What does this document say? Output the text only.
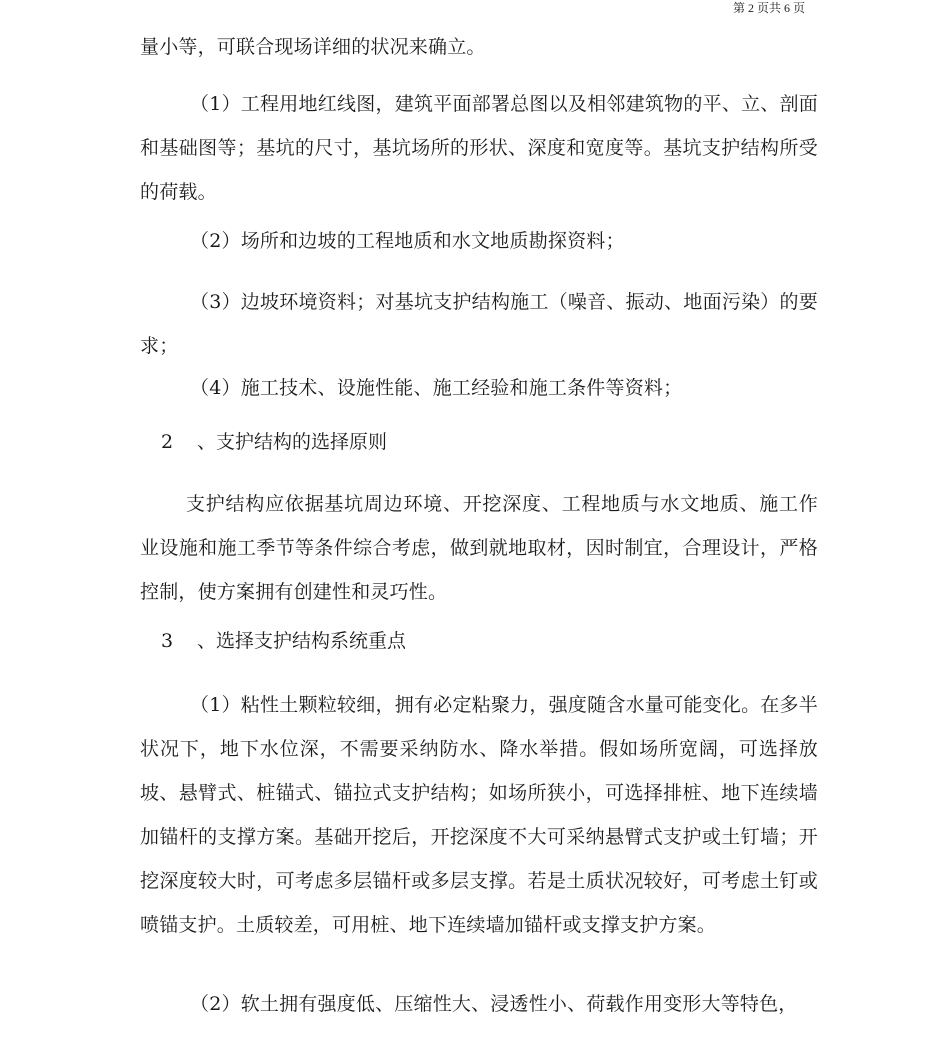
第 2 页共 6 页

量小等，可联合现场详细的状况来确立。

（1）工程用地红线图，建筑平面部署总图以及相邻建筑物的平、立、剖面和基础图等；基坑的尺寸，基坑场所的形状、深度和宽度等。基坑支护结构所受的荷载。

（2）场所和边坡的工程地质和水文地质勘探资料；

（3）边坡环境资料；对基坑支护结构施工（噪音、振动、地面污染）的要求；

（4）施工技术、设施性能、施工经验和施工条件等资料；

2 、支护结构的选择原则

支护结构应依据基坑周边环境、开挖深度、工程地质与水文地质、施工作业设施和施工季节等条件综合考虑，做到就地取材，因时制宜，合理设计，严格控制，使方案拥有创建性和灵巧性。

3 、选择支护结构系统重点

（1）粘性土颗粒较细，拥有必定粘聚力，强度随含水量可能变化。在多半状况下，地下水位深，不需要采纳防水、降水举措。假如场所宽阔，可选择放坡、悬臂式、桩锚式、锚拉式支护结构；如场所狭小，可选择排桩、地下连续墙加锚杆的支撑方案。基础开挖后，开挖深度不大可采纳悬臂式支护或土钉墙；开挖深度较大时，可考虑多层锚杆或多层支撑。若是土质状况较好，可考虑土钉或喷锚支护。土质较差，可用桩、地下连续墙加锚杆或支撑支护方案。

（2）软土拥有强度低、压缩性大、浸透性小、荷载作用变形大等特色，
